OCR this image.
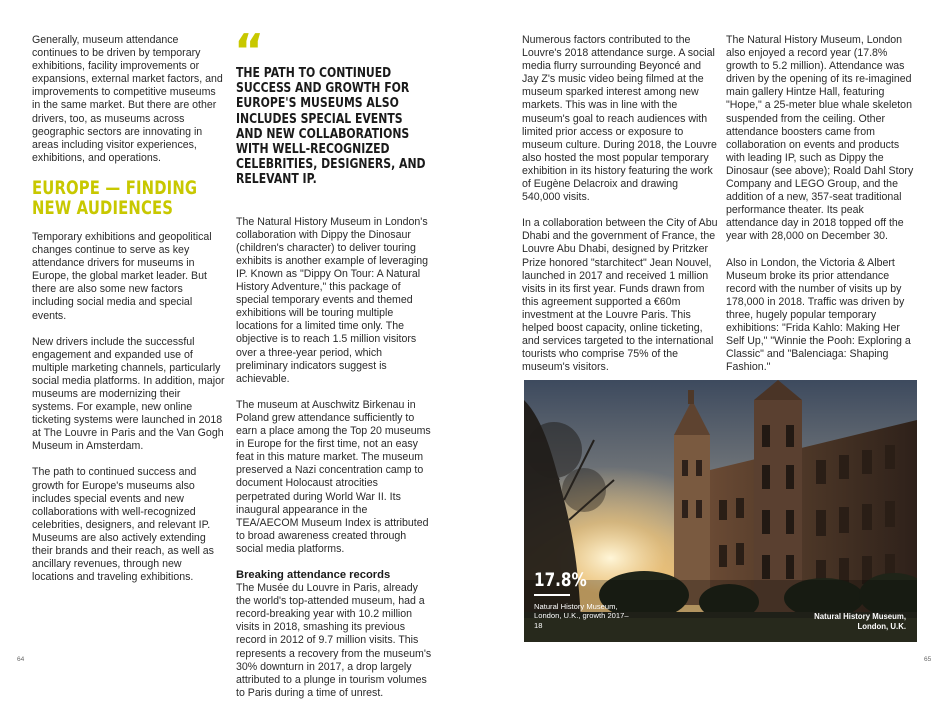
Generally, museum attendance continues to be driven by temporary exhibitions, facility improvements or expansions, external market factors, and improvements to competitive museums in the same market. But there are other drivers, too, as museums across geographic sectors are innovating in areas including visitor experiences, exhibitions, and operations.

EUROPE — FINDING NEW AUDIENCES

Temporary exhibitions and geopolitical changes continue to serve as key attendance drivers for museums in Europe, the global market leader. But there are also some new factors including social media and special events.

New drivers include the successful engagement and expanded use of multiple marketing channels, particularly social media platforms. In addition, major museums are modernizing their systems. For example, new online ticketing systems were launched in 2018 at The Louvre in Paris and the Van Gogh Museum in Amsterdam.

The path to continued success and growth for Europe's museums also includes special events and new collaborations with well-recognized celebrities, designers, and relevant IP. Museums are also actively extending their brands and their reach, as well as ancillary revenues, through new locations and traveling exhibitions.

“
THE PATH TO CONTINUED SUCCESS AND GROWTH FOR EUROPE'S MUSEUMS ALSO INCLUDES SPECIAL EVENTS AND NEW COLLABORATIONS WITH WELL-RECOGNIZED CELEBRITIES, DESIGNERS, AND RELEVANT IP.

The Natural History Museum in London's collaboration with Dippy the Dinosaur (children's character) to deliver touring exhibits is another example of leveraging IP. Known as "Dippy On Tour: A Natural History Adventure," this package of special temporary events and themed exhibitions will be touring multiple locations for a limited time only. The objective is to reach 1.5 million visitors over a three-year period, which preliminary indicators suggest is achievable.

The museum at Auschwitz Birkenau in Poland grew attendance sufficiently to earn a place among the Top 20 museums in Europe for the first time, not an easy feat in this mature market. The museum preserved a Nazi concentration camp to document Holocaust atrocities perpetrated during World War II. Its inaugural appearance in the TEA/AECOM Museum Index is attributed to broad awareness created through social media platforms.

Breaking attendance records

The Musée du Louvre in Paris, already the world's top-attended museum, had a record-breaking year with 10.2 million visits in 2018, smashing its previous record in 2012 of 9.7 million visits. This represents a recovery from the museum's 30% downturn in 2017, a drop largely attributed to a plunge in tourism volumes to Paris during a time of unrest.

Numerous factors contributed to the Louvre's 2018 attendance surge. A social media flurry surrounding Beyoncé and Jay Z's music video being filmed at the museum sparked interest among new markets. This was in line with the museum's goal to reach audiences with limited prior access or exposure to museum culture. During 2018, the Louvre also hosted the most popular temporary exhibition in its history featuring the work of Eugène Delacroix and drawing 540,000 visits.

In a collaboration between the City of Abu Dhabi and the government of France, the Louvre Abu Dhabi, designed by Pritzker Prize honored "starchitect" Jean Nouvel, launched in 2017 and received 1 million visits in its first year. Funds drawn from this agreement supported a €60m investment at the Louvre Paris. This helped boost capacity, online ticketing, and services targeted to the international tourists who comprise 75% of the museum's visitors.

The Natural History Museum, London also enjoyed a record year (17.8% growth to 5.2 million). Attendance was driven by the opening of its re-imagined main gallery Hintze Hall, featuring "Hope," a 25-meter blue whale skeleton suspended from the ceiling. Other attendance boosters came from collaboration on events and products with leading IP, such as Dippy the Dinosaur (see above); Roald Dahl Story Company and LEGO Group, and the addition of a new, 357-seat traditional performance theater. Its peak attendance day in 2018 topped off the year with 28,000 on December 30.

Also in London, the Victoria & Albert Museum broke its prior attendance record with the number of visits up by 178,000 in 2018. Traffic was driven by three, hugely popular temporary exhibitions: "Frida Kahlo: Making Her Self Up," "Winnie the Pooh: Exploring a Classic" and "Balenciaga: Shaping Fashion."

17.8%
Natural History Museum, London, U.K., growth 2017–18
Natural History Museum, London, U.K.
64	65
